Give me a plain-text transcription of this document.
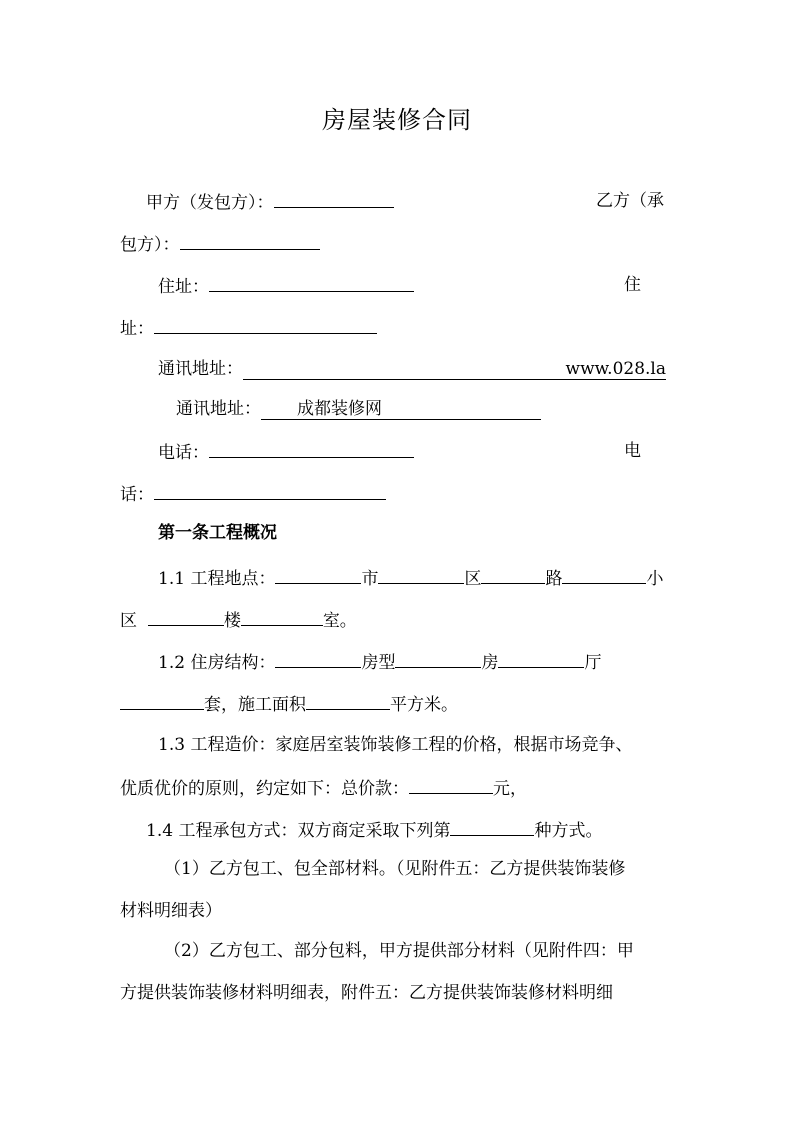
房屋装修合同
甲方（发包方）：	乙方（承
包方）：
住址：	住
址：
通讯地址：	www.028.la
通讯地址： 成都装修网
电话：	电
话：
第一条工程概况
1.1 工程地点：	市	区	路	小
区	楼	室。
1.2 住房结构：	房型	房	厅
套，施工面积	平方米。
1.3 工程造价：家庭居室装饰装修工程的价格，根据市场竞争、
优质优价的原则，约定如下：总价款：	元，
1.4 工程承包方式：双方商定采取下列第	种方式。
（1）乙方包工、包全部材料。（见附件五：乙方提供装饰装修
材料明细表）
（2）乙方包工、部分包料，甲方提供部分材料（见附件四：甲
方提供装饰装修材料明细表，附件五：乙方提供装饰装修材料明细
